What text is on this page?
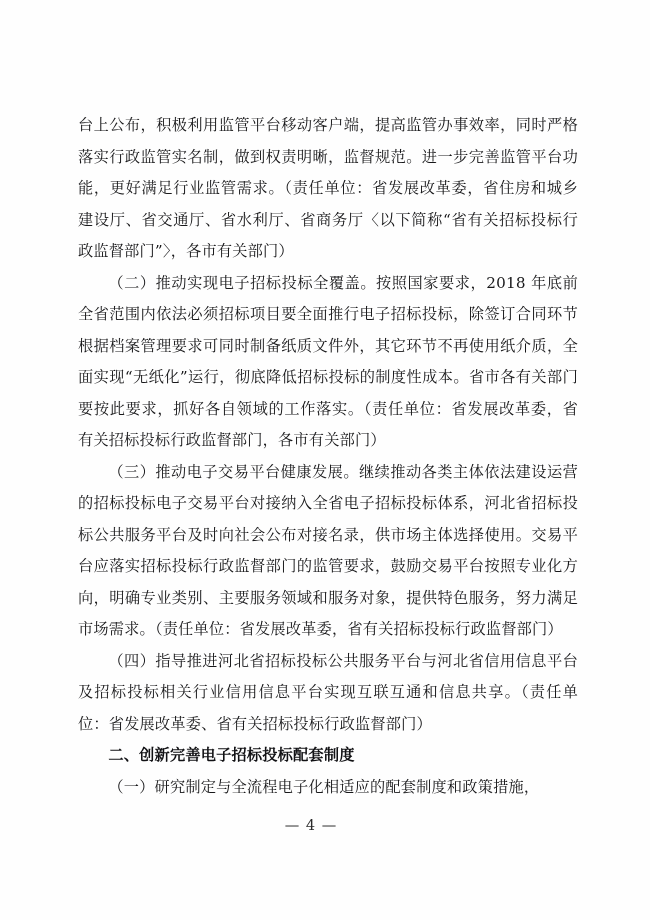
台上公布，积极利用监管平台移动客户端，提高监管办事效率，同时严格落实行政监管实名制，做到权责明晰，监督规范。进一步完善监管平台功能，更好满足行业监管需求。（责任单位：省发展改革委，省住房和城乡建设厅、省交通厅、省水利厅、省商务厅〈以下简称“省有关招标投标行政监督部门”〉，各市有关部门）

（二）推动实现电子招标投标全覆盖。按照国家要求，2018 年底前全省范围内依法必须招标项目要全面推行电子招标投标，除签订合同环节根据档案管理要求可同时制备纸质文件外，其它环节不再使用纸介质，全面实现“无纸化”运行，彻底降低招标投标的制度性成本。省市各有关部门要按此要求，抓好各自领域的工作落实。（责任单位：省发展改革委，省有关招标投标行政监督部门，各市有关部门）

（三）推动电子交易平台健康发展。继续推动各类主体依法建设运营的招标投标电子交易平台对接纳入全省电子招标投标体系，河北省招标投标公共服务平台及时向社会公布对接名录，供市场主体选择使用。交易平台应落实招标投标行政监督部门的监管要求，鼓励交易平台按照专业化方向，明确专业类别、主要服务领域和服务对象，提供特色服务，努力满足市场需求。（责任单位：省发展改革委，省有关招标投标行政监督部门）

（四）指导推进河北省招标投标公共服务平台与河北省信用信息平台及招标投标相关行业信用信息平台实现互联互通和信息共享。（责任单位：省发展改革委、省有关招标投标行政监督部门）

二、创新完善电子招标投标配套制度

（一）研究制定与全流程电子化相适应的配套制度和政策措施，

— 4 —
